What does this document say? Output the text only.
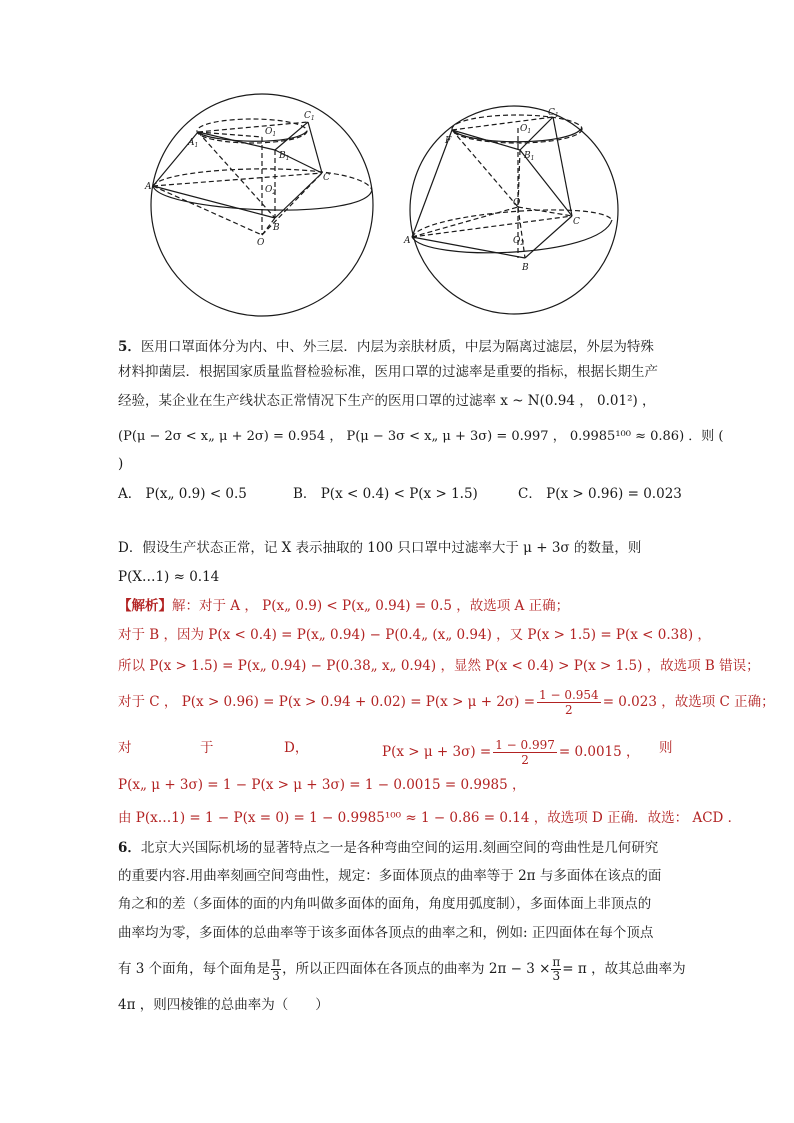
A
$A_1$
$O_1$
$B_1$
$C_1$
$O_2$
C
B
O
F
$C_1$
$O_1$
$B_1$
O
A
C
$O_2$
B
5．医用口罩面体分为内、中、外三层．内层为亲肤材质，中层为隔离过滤层，外层为特殊
材料抑菌层．根据国家质量监督检验标准，医用口罩的过滤率是重要的指标，根据长期生产
经验，某企业在生产线状态正常情况下生产的医用口罩的过滤率 x ~ N(0.94 ， 0.01²) ，
(P(μ − 2σ < x„ μ + 2σ) = 0.954 ， P(μ − 3σ < x„ μ + 3σ) = 0.997 ， 0.9985¹⁰⁰ ≈ 0.86) ．则 (
)
A． P(x„ 0.9) < 0.5	B． P(x < 0.4) < P(x > 1.5)	C． P(x > 0.96) = 0.023
D．假设生产状态正常，记 X 表示抽取的 100 只口罩中过滤率大于 μ + 3σ 的数量，则
P(X…1) ≈ 0.14
【解析】解：对于 A ， P(x„ 0.9) < P(x„ 0.94) = 0.5 ，故选项 A 正确；
对于 B ，因为 P(x < 0.4) = P(x„ 0.94) − P(0.4„ (x„ 0.94) ，又 P(x > 1.5) = P(x < 0.38) ，
所以 P(x > 1.5) = P(x„ 0.94) − P(0.38„ x„ 0.94) ，显然 P(x < 0.4) > P(x > 1.5) ，故选项 B 错误；
对于 C ， $P(x > 0.96) = P(x > 0.94 + 0.02) = P(x > \mu + 2\sigma) = \frac{1 - 0.954}{2} = 0.023$ ，故选项 C 正确；
对	于	D，	$P(x > \mu + 3\sigma) = \frac{1 - 0.997}{2} = 0.0015$ ， 则
P(x„ μ + 3σ) = 1 − P(x > μ + 3σ) = 1 − 0.0015 = 0.9985 ，
由 P(x…1) = 1 − P(x = 0) = 1 − 0.9985¹⁰⁰ ≈ 1 − 0.86 = 0.14 ，故选项 D 正确．故选： ACD ．
6．北京大兴国际机场的显著特点之一是各种弯曲空间的运用.刻画空间的弯曲性是几何研究
的重要内容.用曲率刻画空间弯曲性，规定：多面体顶点的曲率等于 2π 与多面体在该点的面
角之和的差（多面体的面的内角叫做多面体的面角，角度用弧度制），多面体面上非顶点的
曲率均为零，多面体的总曲率等于该多面体各顶点的曲率之和，例如: 正四面体在每个顶点
有 3 个面角，每个面角是 $\frac{\pi}{3}$ ，所以正四面体在各顶点的曲率为 $2\pi - 3 \times \frac{\pi}{3} = \pi$ ，故其总曲率为
4π ，则四棱锥的总曲率为（　　）
